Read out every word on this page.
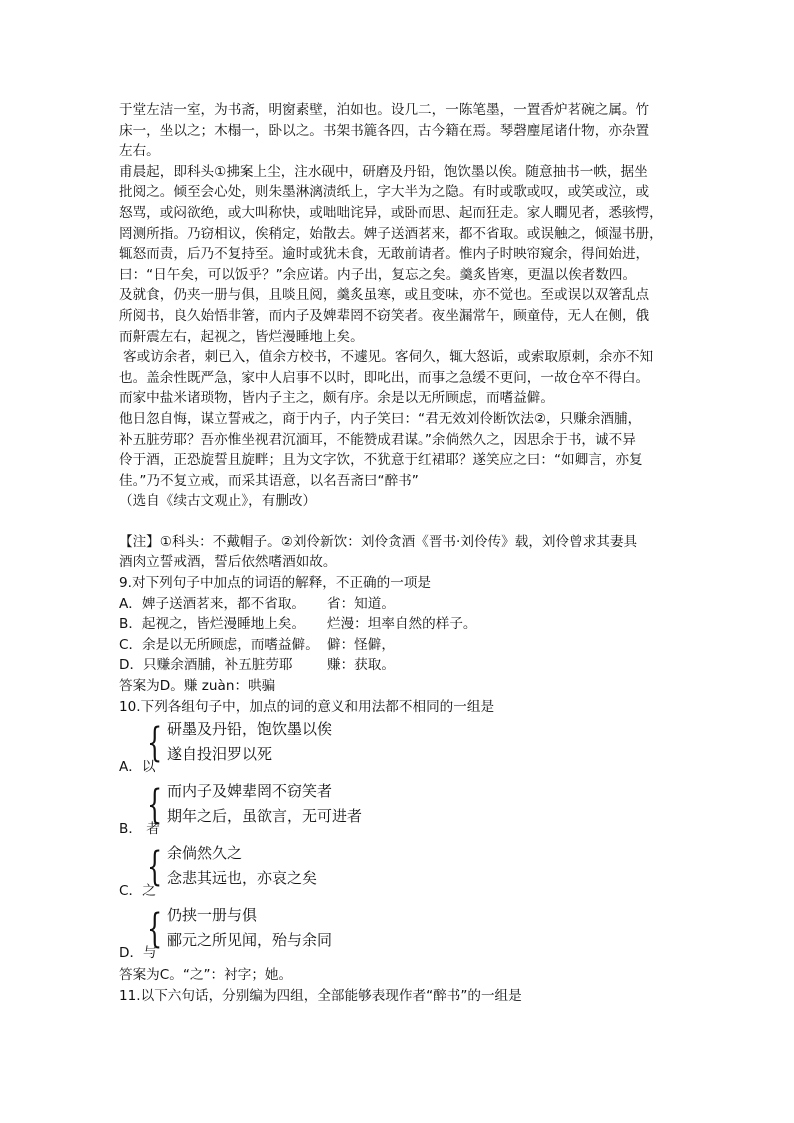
于堂左洁一室，为书斋，明窗素壁，泊如也。设几二，一陈笔墨，一置香炉茗碗之属。竹

床一，坐以之；木榻一，卧以之。书架书簏各四，古今籍在焉。琴磬麈尾诸什物，亦杂置

左右。

甫晨起，即科头①拂案上尘，注水砚中，研磨及丹铅，饱饮墨以俟。随意抽书一帙，据坐

批阅之。倾至会心处，则朱墨淋漓渍纸上，字大半为之隐。有时或歌或叹，或笑或泣，或

怒骂，或闷欲绝，或大叫称快，或咄咄诧异，或卧而思、起而狂走。家人瞯见者，悉骇愕，

罔测所指。乃窃相议，俟稍定，始散去。婢子送酒茗来，都不省取。或误触之，倾湿书册，

辄怒而责，后乃不复持至。逾时或犹未食，无敢前请者。惟内子时映帘窥余，得间始进，

曰：“日午矣，可以饭乎？”余应诺。内子出，复忘之矣。羹炙皆寒，更温以俟者数四。

及就食，仍夹一册与俱，且啖且阅，羹炙虽寒，或且变味，亦不觉也。至或误以双箸乱点

所阅书，良久始悟非箸，而内子及婢辈罔不窃笑者。夜坐漏常午，顾童侍，无人在侧，俄

而鼾震左右，起视之，皆烂漫睡地上矣。

客或访余者，刺已入，值余方校书，不遽见。客伺久，辄大怒诟，或索取原刺，余亦不知

也。盖余性既严急，家中人启事不以时，即叱出，而事之急缓不更问，一故仓卒不得白。

而家中盐米诸琐物，皆内子主之，颇有序。余是以无所顾虑，而嗜益僻。

他日忽自悔，谋立誓戒之，商于内子，内子笑曰：“君无效刘伶断饮法②，只赚余酒脯，

补五脏劳耶？吾亦惟坐视君沉湎耳，不能赞成君谋。”余倘然久之，因思余于书，诚不异

伶于酒，正恐旋誓且旋畔；且为文字饮，不犹意于红裙耶？遂笑应之曰：“如卿言，亦复

佳。”乃不复立戒，而采其语意，以名吾斋曰“醉书”

（选自《续古文观止》，有删改）

【注】①科头：不戴帽子。②刘伶新饮：刘伶贪酒《晋书·刘伶传》载，刘伶曾求其妻具

酒肉立誓戒酒，誓后依然嗜酒如故。

9.对下列句子中加点的词语的解释，不正确的一项是

A．婢子送酒茗来，都不省取。	省：知道。
B．起视之，皆烂漫睡地上矣。	烂漫：坦率自然的样子。
C．余是以无所顾虑，而嗜益僻。 僻：怪僻，
D．只赚余酒脯，补五脏劳耶	赚：获取。

答案为D。赚 zuàn：哄骗

10.下列各组句子中，加点的词的意义和用法都不相同的一组是

A．以
{ 研墨及丹铅，饱饮墨以俟
遂自投汨罗以死
B． 者
{ 而内子及婢辈罔不窃笑者
期年之后，虽欲言，无可进者
C．之
{ 余倘然久之
念悲其远也，亦哀之矣
D．与
{ 仍挟一册与俱
郦元之所见闻，殆与余同

答案为C。“之”：衬字；她。

11.以下六句话，分别编为四组，全部能够表现作者“醉书”的一组是
